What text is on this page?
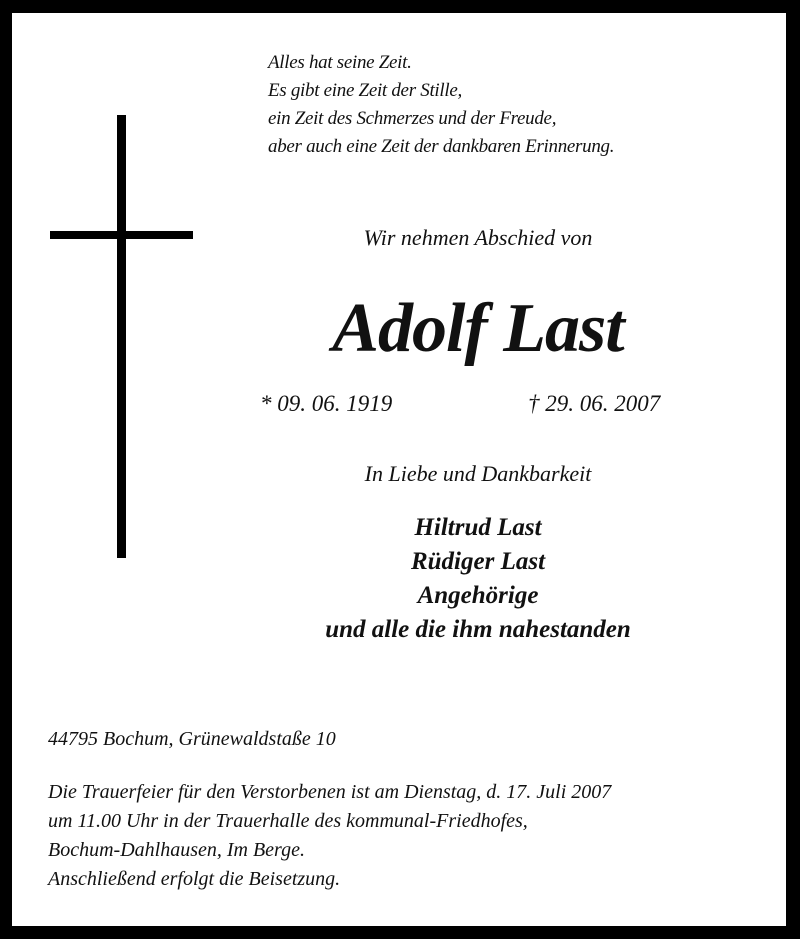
Alles hat seine Zeit.
Es gibt eine Zeit der Stille,
ein Zeit des Schmerzes und der Freude,
aber auch eine Zeit der dankbaren Erinnerung.
Wir nehmen Abschied von
Adolf Last
* 09. 06. 1919	† 29. 06. 2007
In Liebe und Dankbarkeit
Hiltrud Last
Rüdiger Last
Angehörige
und alle die ihm nahestanden
44795 Bochum, Grünewaldstaße 10
Die Trauerfeier für den Verstorbenen ist am Dienstag, d. 17. Juli 2007
um 11.00 Uhr in der Trauerhalle des kommunal-Friedhofes,
Bochum-Dahlhausen, Im Berge.
Anschließend erfolgt die Beisetzung.
